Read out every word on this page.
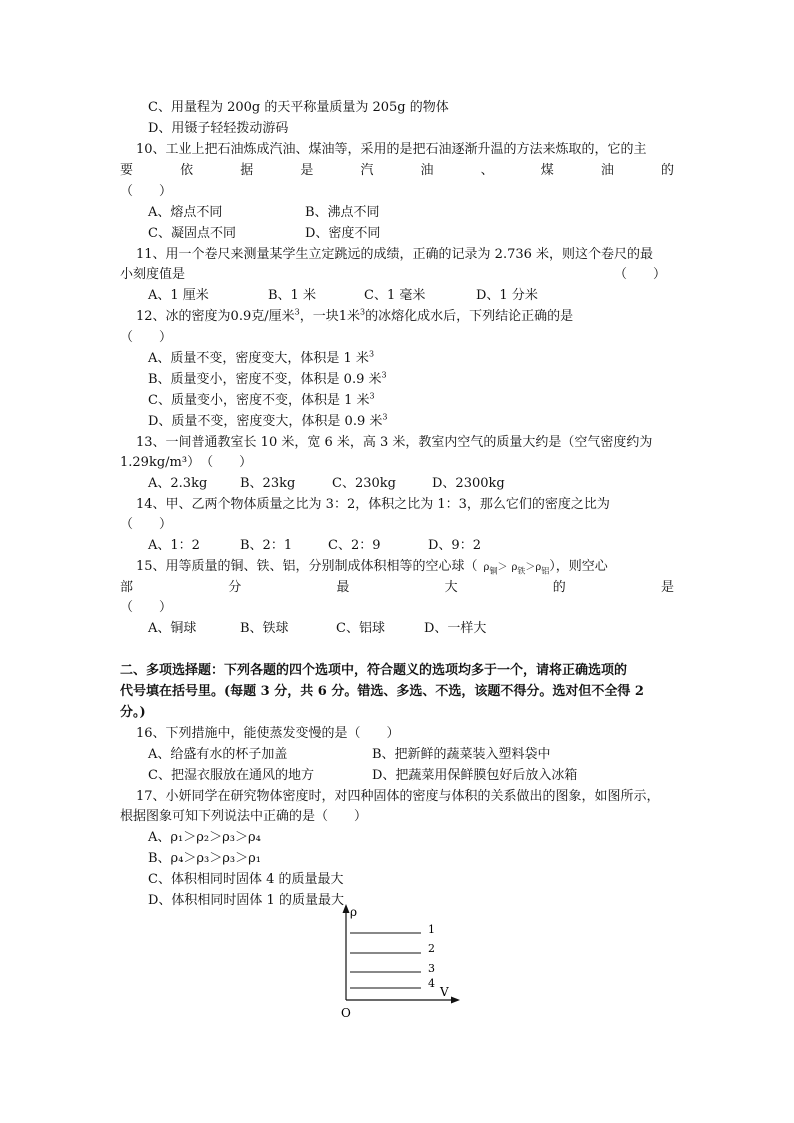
C、用量程为 200g 的天平称量质量为 205g 的物体
D、用镊子轻轻拨动游码
10、工业上把石油炼成汽油、煤油等，采用的是把石油逐渐升温的方法来炼取的，它的主
要	依	据	是	汽	油	、	煤	油	的
（　　）
A、熔点不同	B、沸点不同
C、凝固点不同	D、密度不同
11、用一个卷尺来测量某学生立定跳远的成绩，正确的记录为 2.736 米，则这个卷尺的最
小刻度值是	（　　）
A、1 厘米	B、1 米	C、1 毫米	D、1 分米
12、冰的密度为0.9克/厘米$^3$，一块1米$^3$的冰熔化成水后，下列结论正确的是
（　　）
A、质量不变，密度变大，体积是 1 米$^3$
B、质量变小，密度不变，体积是 0.9 米$^3$
C、质量变小，密度不变，体积是 1 米$^3$
D、质量不变，密度变大，体积是 0.9 米$^3$
13、一间普通教室长 10 米，宽 6 米，高 3 米，教室内空气的质量大约是（空气密度约为
1.29kg/m³）　（　　）
A、2.3kg	B、23kg	C、230kg	D、2300kg
14、甲、乙两个物体质量之比为 3：2，体积之比为 1：3，那么它们的密度之比为
（　　）
A、1：2	B、2：1	C、2：9	D、9：2
15、用等质量的铜、铁、铝，分别制成体积相等的空心球（ $\rho_铜> \rho_铁>\rho_铝$），则空心
部	分	最	大	的	是
（　　）
A、铜球	B、铁球	C、铝球	D、一样大
二、多项选择题：下列各题的四个选项中，符合题义的选项均多于一个，请将正确选项的
代号填在括号里。(每题 3 分，共 6 分。错选、多选、不选，该题不得分。选对但不全得 2
分。)
16、下列措施中，能使蒸发变慢的是（　　）
A、给盛有水的杯子加盖	B、把新鲜的蔬菜装入塑料袋中
C、把湿衣服放在通风的地方	D、把蔬菜用保鲜膜包好后放入冰箱
17、小妍同学在研究物体密度时，对四种固体的密度与体积的关系做出的图象，如图所示，
根据图象可知下列说法中正确的是（　　）
A、ρ₁＞ρ₂＞ρ₃＞ρ₄
B、ρ₄＞ρ₃＞ρ₃＞ρ₁
C、体积相同时固体 4 的质量最大
D、体积相同时固体 1 的质量最大
ρ
V
O
1
2
3
4
